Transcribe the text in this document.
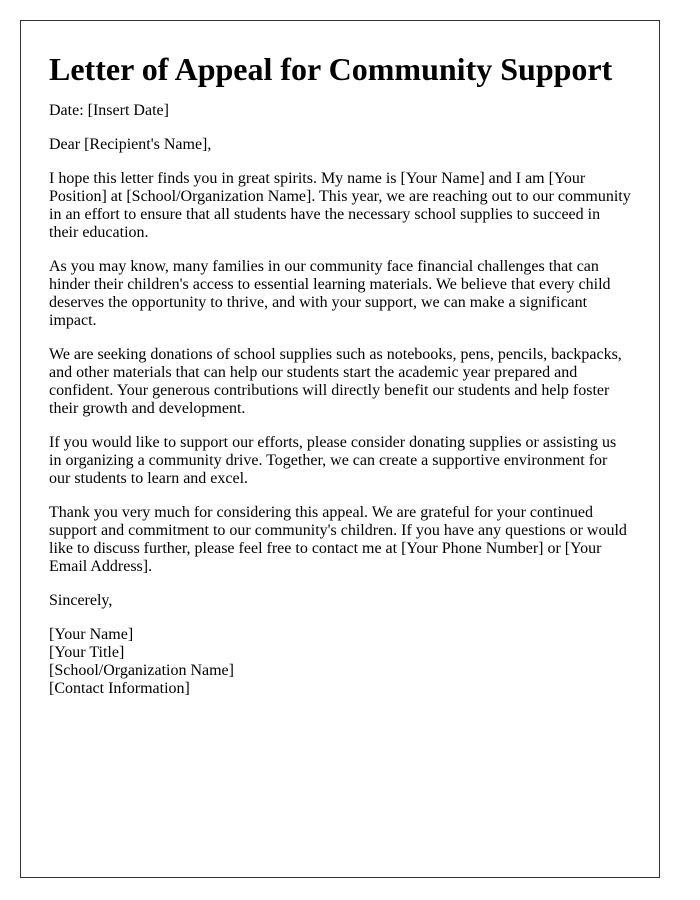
Letter of Appeal for Community Support

Date: [Insert Date]

Dear [Recipient's Name],

I hope this letter finds you in great spirits. My name is [Your Name] and I am [Your Position] at [School/Organization Name]. This year, we are reaching out to our community in an effort to ensure that all students have the necessary school supplies to succeed in their education.

As you may know, many families in our community face financial challenges that can hinder their children's access to essential learning materials. We believe that every child deserves the opportunity to thrive, and with your support, we can make a significant impact.

We are seeking donations of school supplies such as notebooks, pens, pencils, backpacks, and other materials that can help our students start the academic year prepared and confident. Your generous contributions will directly benefit our students and help foster their growth and development.

If you would like to support our efforts, please consider donating supplies or assisting us in organizing a community drive. Together, we can create a supportive environment for our students to learn and excel.

Thank you very much for considering this appeal. We are grateful for your continued support and commitment to our community's children. If you have any questions or would like to discuss further, please feel free to contact me at [Your Phone Number] or [Your Email Address].

Sincerely,

[Your Name]
[Your Title]
[School/Organization Name]
[Contact Information]
